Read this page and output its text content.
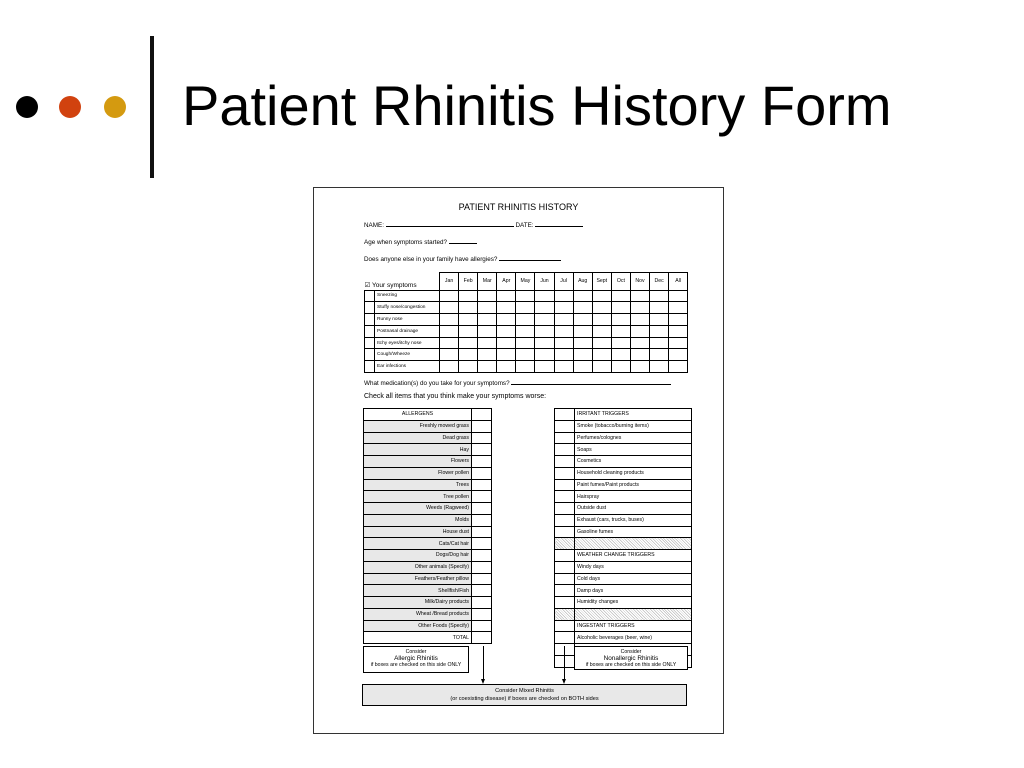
Patient Rhinitis History Form
PATIENT RHINITIS HISTORY
NAME:	DATE:
Age when symptoms started?
Does anyone else in your family have allergies?
☑ Your symptoms		Jan	Feb	Mar	Apr	May	Jun	Jul	Aug	Sept	Oct	Nov	Dec	All
	Sneezing													
	Stuffy nose/congestion													
	Runny nose													
	Postnasal drainage													
	Itchy eyes/itchy nose													
	Cough/Wheeze													
	Ear infections													
What medication(s) do you take for your symptoms?
Check all items that you think make your symptoms worse:
ALLERGENS	
Freshly mowed grass	
Dead grass	
Hay	
Flowers	
Flower pollen	
Trees	
Tree pollen	
Weeds (Ragweed)	
Molds	
House dust	
Cats/Cat hair	
Dogs/Dog hair	
Other animals (Specify)	
Feathers/Feather pillow	
Shellfish/Fish	
Milk/Dairy products	
Wheat /Bread products	
Other Foods (Specify)	
TOTAL	
	IRRITANT TRIGGERS
	Smoke (tobacco/burning items)
	Perfumes/colognes
	Soaps
	Cosmetics
	Household cleaning products
	Paint fumes/Paint products
	Hairspray
	Outside dust
	Exhaust (cars, trucks, buses)
	Gasoline fumes

	WEATHER CHANGE TRIGGERS
	Windy days
	Cold days
	Damp days
	Humidity changes

	INGESTANT TRIGGERS
	Alcoholic beverages (beer, wine)

Consider
Allergic Rhinitis
if boxes are checked on this side ONLY
Consider
Nonallergic Rhinitis
if boxes are checked on this side ONLY
Consider Mixed Rhinitis
(or coexisting disease) if boxes are checked on BOTH sides
